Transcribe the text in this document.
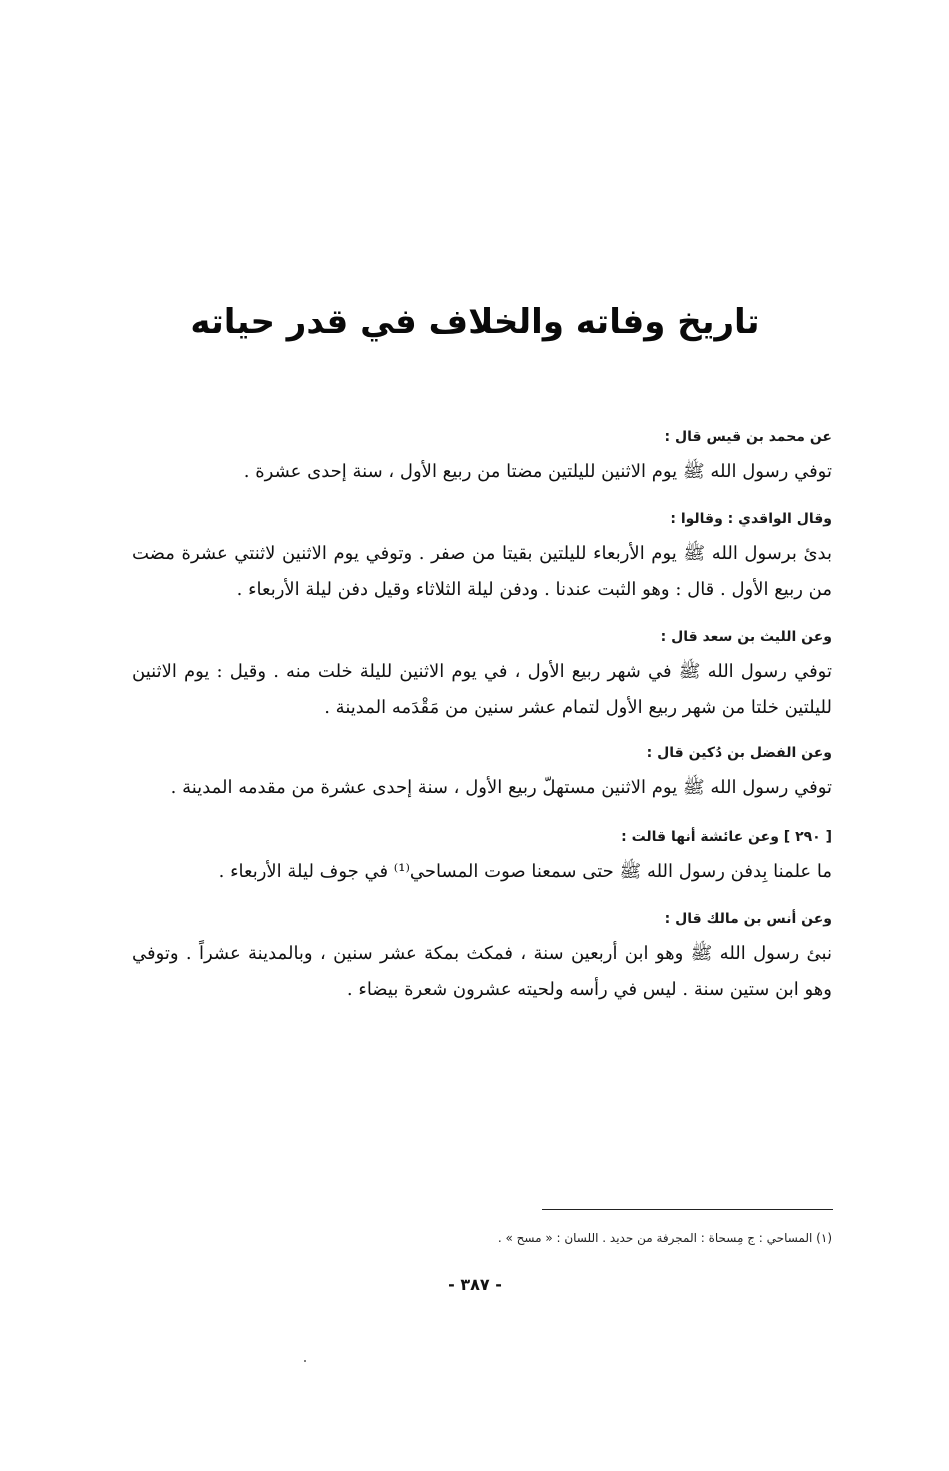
تاريخ وفاته والخلاف في قدر حياته

عن محمد بن قيس قال :

توفي رسول الله ﷺ يوم الاثنين لليلتين مضتا من ربيع الأول ، سنة إحدى عشرة .

وقال الواقدي : وقالوا :

بدئ برسول الله ﷺ يوم الأربعاء لليلتين بقيتا من صفر . وتوفي يوم الاثنين لاثنتي عشرة مضت من ربيع الأول . قال : وهو الثبت عندنا . ودفن ليلة الثلاثاء وقيل دفن ليلة الأربعاء .

وعن الليث بن سعد قال :

توفي رسول الله ﷺ في شهر ربيع الأول ، في يوم الاثنين لليلة خلت منه . وقيل : يوم الاثنين لليلتين خلتا من شهر ربيع الأول لتمام عشر سنين من مَقْدَمه المدينة .

وعن الفضل بن دُكين قال :

توفي رسول الله ﷺ يوم الاثنين مستهلّ ربيع الأول ، سنة إحدى عشرة من مقدمه المدينة .

[ ٢٩٠ ] وعن عائشة أنها قالت :

ما علمنا بِدفن رسول الله ﷺ حتى سمعنا صوت المساحي⁽¹⁾ في جوف ليلة الأربعاء .

وعن أنس بن مالك قال :

نبئ رسول الله ﷺ وهو ابن أربعين سنة ، فمكث بمكة عشر سنين ، وبالمدينة عشراً . وتوفي وهو ابن ستين سنة . ليس في رأسه ولحيته عشرون شعرة بيضاء .

(١) المساحي : ج مِسحاة : المجرفة من حديد . اللسان : « مسح » .

- ٣٨٧ -
